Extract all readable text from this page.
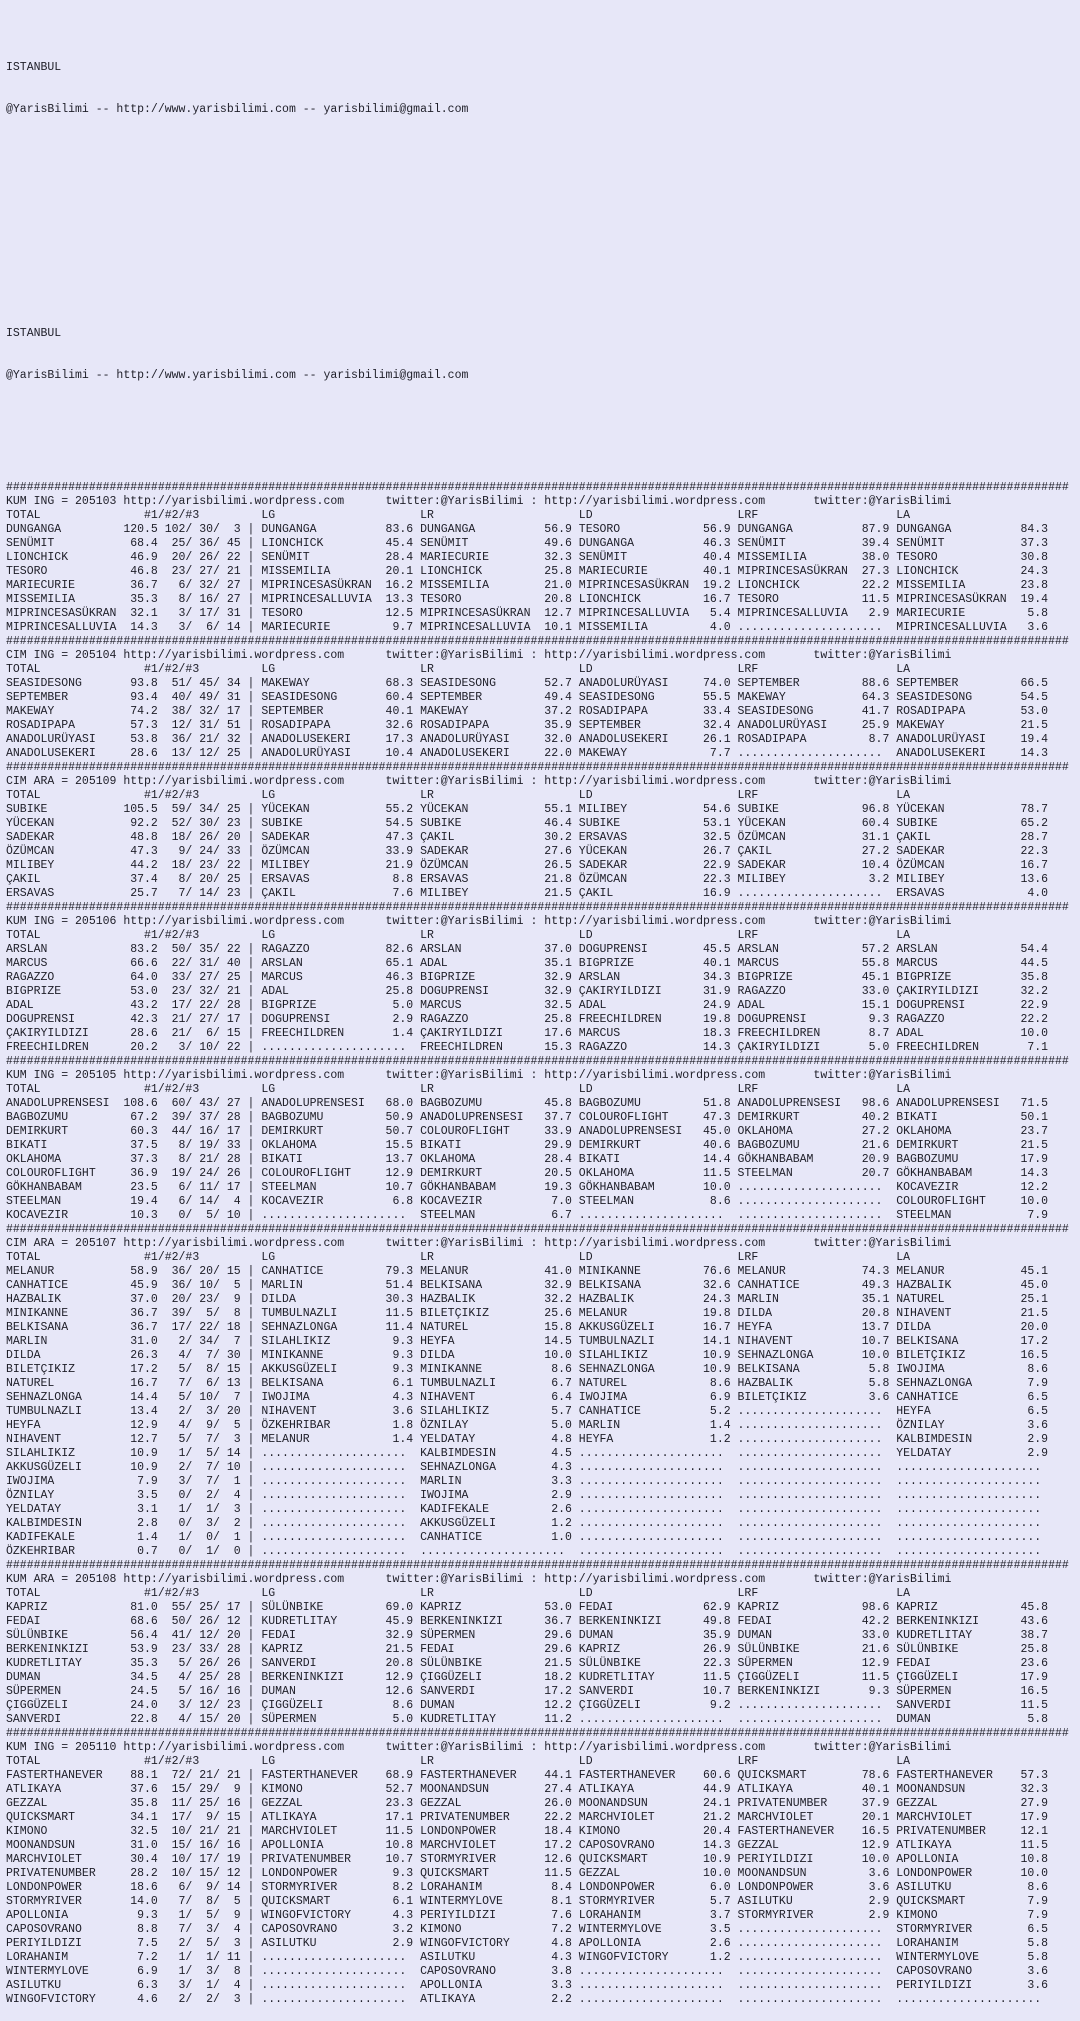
ISTANBUL

@YarisBilimi -- http://www.yarisbilimi.com -- yarisbilimi@gmail.com

ISTANBUL

@YarisBilimi -- http://www.yarisbilimi.com -- yarisbilimi@gmail.com

##########################################################################################################################################################
KUM ING = 205103 http://yarisbilimi.wordpress.com      twitter:@YarisBilimi : http://yarisbilimi.wordpress.com       twitter:@YarisBilimi
TOTAL               #1/#2/#3         LG                     LR                     LD                     LRF                    LA
DUNGANGA         120.5 102/ 30/  3 | DUNGANGA          83.6 DUNGANGA          56.9 TESORO            56.9 DUNGANGA          87.9 DUNGANGA          84.3
SENÜMIT           68.4  25/ 36/ 45 | LIONCHICK         45.4 SENÜMIT           49.6 DUNGANGA          46.3 SENÜMIT           39.4 SENÜMIT           37.3
LIONCHICK         46.9  20/ 26/ 22 | SENÜMIT           28.4 MARIECURIE        32.3 SENÜMIT           40.4 MISSEMILIA        38.0 TESORO            30.8
TESORO            46.8  23/ 27/ 21 | MISSEMILIA        20.1 LIONCHICK         25.8 MARIECURIE        40.1 MIPRINCESASÜKRAN  27.3 LIONCHICK         24.3
MARIECURIE        36.7   6/ 32/ 27 | MIPRINCESASÜKRAN  16.2 MISSEMILIA        21.0 MIPRINCESASÜKRAN  19.2 LIONCHICK         22.2 MISSEMILIA        23.8
MISSEMILIA        35.3   8/ 16/ 27 | MIPRINCESALLUVIA  13.3 TESORO            20.8 LIONCHICK         16.7 TESORO            11.5 MIPRINCESASÜKRAN  19.4
MIPRINCESASÜKRAN  32.1   3/ 17/ 31 | TESORO            12.5 MIPRINCESASÜKRAN  12.7 MIPRINCESALLUVIA   5.4 MIPRINCESALLUVIA   2.9 MARIECURIE         5.8
MIPRINCESALLUVIA  14.3   3/  6/ 14 | MARIECURIE         9.7 MIPRINCESALLUVIA  10.1 MISSEMILIA         4.0 .....................  MIPRINCESALLUVIA   3.6
##########################################################################################################################################################
CIM ING = 205104 http://yarisbilimi.wordpress.com      twitter:@YarisBilimi : http://yarisbilimi.wordpress.com       twitter:@YarisBilimi
TOTAL               #1/#2/#3         LG                     LR                     LD                     LRF                    LA
SEASIDESONG       93.8  51/ 45/ 34 | MAKEWAY           68.3 SEASIDESONG       52.7 ANADOLURÜYASI     74.0 SEPTEMBER         88.6 SEPTEMBER         66.5
SEPTEMBER         93.4  40/ 49/ 31 | SEASIDESONG       60.4 SEPTEMBER         49.4 SEASIDESONG       55.5 MAKEWAY           64.3 SEASIDESONG       54.5
MAKEWAY           74.2  38/ 32/ 17 | SEPTEMBER         40.1 MAKEWAY           37.2 ROSADIPAPA        33.4 SEASIDESONG       41.7 ROSADIPAPA        53.0
ROSADIPAPA        57.3  12/ 31/ 51 | ROSADIPAPA        32.6 ROSADIPAPA        35.9 SEPTEMBER         32.4 ANADOLURÜYASI     25.9 MAKEWAY           21.5
ANADOLURÜYASI     53.8  36/ 21/ 32 | ANADOLUSEKERI     17.3 ANADOLURÜYASI     32.0 ANADOLUSEKERI     26.1 ROSADIPAPA         8.7 ANADOLURÜYASI     19.4
ANADOLUSEKERI     28.6  13/ 12/ 25 | ANADOLURÜYASI     10.4 ANADOLUSEKERI     22.0 MAKEWAY            7.7 .....................  ANADOLUSEKERI     14.3
##########################################################################################################################################################
CIM ARA = 205109 http://yarisbilimi.wordpress.com      twitter:@YarisBilimi : http://yarisbilimi.wordpress.com       twitter:@YarisBilimi
TOTAL               #1/#2/#3         LG                     LR                     LD                     LRF                    LA
SUBIKE           105.5  59/ 34/ 25 | YÜCEKAN           55.2 YÜCEKAN           55.1 MILIBEY           54.6 SUBIKE            96.8 YÜCEKAN           78.7
YÜCEKAN           92.2  52/ 30/ 23 | SUBIKE            54.5 SUBIKE            46.4 SUBIKE            53.1 YÜCEKAN           60.4 SUBIKE            65.2
SADEKAR           48.8  18/ 26/ 20 | SADEKAR           47.3 ÇAKIL             30.2 ERSAVAS           32.5 ÖZÜMCAN           31.1 ÇAKIL             28.7
ÖZÜMCAN           47.3   9/ 24/ 33 | ÖZÜMCAN           33.9 SADEKAR           27.6 YÜCEKAN           26.7 ÇAKIL             27.2 SADEKAR           22.3
MILIBEY           44.2  18/ 23/ 22 | MILIBEY           21.9 ÖZÜMCAN           26.5 SADEKAR           22.9 SADEKAR           10.4 ÖZÜMCAN           16.7
ÇAKIL             37.4   8/ 20/ 25 | ERSAVAS            8.8 ERSAVAS           21.8 ÖZÜMCAN           22.3 MILIBEY            3.2 MILIBEY           13.6
ERSAVAS           25.7   7/ 14/ 23 | ÇAKIL              7.6 MILIBEY           21.5 ÇAKIL             16.9 .....................  ERSAVAS            4.0
##########################################################################################################################################################
KUM ING = 205106 http://yarisbilimi.wordpress.com      twitter:@YarisBilimi : http://yarisbilimi.wordpress.com       twitter:@YarisBilimi
TOTAL               #1/#2/#3         LG                     LR                     LD                     LRF                    LA
ARSLAN            83.2  50/ 35/ 22 | RAGAZZO           82.6 ARSLAN            37.0 DOGUPRENSI        45.5 ARSLAN            57.2 ARSLAN            54.4
MARCUS            66.6  22/ 31/ 40 | ARSLAN            65.1 ADAL              35.1 BIGPRIZE          40.1 MARCUS            55.8 MARCUS            44.5
RAGAZZO           64.0  33/ 27/ 25 | MARCUS            46.3 BIGPRIZE          32.9 ARSLAN            34.3 BIGPRIZE          45.1 BIGPRIZE          35.8
BIGPRIZE          53.0  23/ 32/ 21 | ADAL              25.8 DOGUPRENSI        32.9 ÇAKIRYILDIZI      31.9 RAGAZZO           33.0 ÇAKIRYILDIZI      32.2
ADAL              43.2  17/ 22/ 28 | BIGPRIZE           5.0 MARCUS            32.5 ADAL              24.9 ADAL              15.1 DOGUPRENSI        22.9
DOGUPRENSI        42.3  21/ 27/ 17 | DOGUPRENSI         2.9 RAGAZZO           25.8 FREECHILDREN      19.8 DOGUPRENSI         9.3 RAGAZZO           22.2
ÇAKIRYILDIZI      28.6  21/  6/ 15 | FREECHILDREN       1.4 ÇAKIRYILDIZI      17.6 MARCUS            18.3 FREECHILDREN       8.7 ADAL              10.0
FREECHILDREN      20.2   3/ 10/ 22 | .....................  FREECHILDREN      15.3 RAGAZZO           14.3 ÇAKIRYILDIZI       5.0 FREECHILDREN       7.1
##########################################################################################################################################################
KUM ING = 205105 http://yarisbilimi.wordpress.com      twitter:@YarisBilimi : http://yarisbilimi.wordpress.com       twitter:@YarisBilimi
TOTAL               #1/#2/#3         LG                     LR                     LD                     LRF                    LA
ANADOLUPRENSESI  108.6  60/ 43/ 27 | ANADOLUPRENSESI   68.0 BAGBOZUMU         45.8 BAGBOZUMU         51.8 ANADOLUPRENSESI   98.6 ANADOLUPRENSESI   71.5
BAGBOZUMU         67.2  39/ 37/ 28 | BAGBOZUMU         50.9 ANADOLUPRENSESI   37.7 COLOUROFLIGHT     47.3 DEMIRKURT         40.2 BIKATI            50.1
DEMIRKURT         60.3  44/ 16/ 17 | DEMIRKURT         50.7 COLOUROFLIGHT     33.9 ANADOLUPRENSESI   45.0 OKLAHOMA          27.2 OKLAHOMA          23.7
BIKATI            37.5   8/ 19/ 33 | OKLAHOMA          15.5 BIKATI            29.9 DEMIRKURT         40.6 BAGBOZUMU         21.6 DEMIRKURT         21.5
OKLAHOMA          37.3   8/ 21/ 28 | BIKATI            13.7 OKLAHOMA          28.4 BIKATI            14.4 GÖKHANBABAM       20.9 BAGBOZUMU         17.9
COLOUROFLIGHT     36.9  19/ 24/ 26 | COLOUROFLIGHT     12.9 DEMIRKURT         20.5 OKLAHOMA          11.5 STEELMAN          20.7 GÖKHANBABAM       14.3
GÖKHANBABAM       23.5   6/ 11/ 17 | STEELMAN          10.7 GÖKHANBABAM       19.3 GÖKHANBABAM       10.0 .....................  KOCAVEZIR         12.2
STEELMAN          19.4   6/ 14/  4 | KOCAVEZIR          6.8 KOCAVEZIR          7.0 STEELMAN           8.6 .....................  COLOUROFLIGHT     10.0
KOCAVEZIR         10.3   0/  5/ 10 | .....................  STEELMAN           6.7 .....................  .....................  STEELMAN           7.9
##########################################################################################################################################################
CIM ARA = 205107 http://yarisbilimi.wordpress.com      twitter:@YarisBilimi : http://yarisbilimi.wordpress.com       twitter:@YarisBilimi
TOTAL               #1/#2/#3         LG                     LR                     LD                     LRF                    LA
MELANUR           58.9  36/ 20/ 15 | CANHATICE         79.3 MELANUR           41.0 MINIKANNE         76.6 MELANUR           74.3 MELANUR           45.1
CANHATICE         45.9  36/ 10/  5 | MARLIN            51.4 BELKISANA         32.9 BELKISANA         32.6 CANHATICE         49.3 HAZBALIK          45.0
HAZBALIK          37.0  20/ 23/  9 | DILDA             30.3 HAZBALIK          32.2 HAZBALIK          24.3 MARLIN            35.1 NATUREL           25.1
MINIKANNE         36.7  39/  5/  8 | TUMBULNAZLI       11.5 BILETÇIKIZ        25.6 MELANUR           19.8 DILDA             20.8 NIHAVENT          21.5
BELKISANA         36.7  17/ 22/ 18 | SEHNAZLONGA       11.4 NATUREL           15.8 AKKUSGÜZELI       16.7 HEYFA             13.7 DILDA             20.0
MARLIN            31.0   2/ 34/  7 | SILAHLIKIZ         9.3 HEYFA             14.5 TUMBULNAZLI       14.1 NIHAVENT          10.7 BELKISANA         17.2
DILDA             26.3   4/  7/ 30 | MINIKANNE          9.3 DILDA             10.0 SILAHLIKIZ        10.9 SEHNAZLONGA       10.0 BILETÇIKIZ        16.5
BILETÇIKIZ        17.2   5/  8/ 15 | AKKUSGÜZELI        9.3 MINIKANNE          8.6 SEHNAZLONGA       10.9 BELKISANA          5.8 IWOJIMA            8.6
NATUREL           16.7   7/  6/ 13 | BELKISANA          6.1 TUMBULNAZLI        6.7 NATUREL            8.6 HAZBALIK           5.8 SEHNAZLONGA        7.9
SEHNAZLONGA       14.4   5/ 10/  7 | IWOJIMA            4.3 NIHAVENT           6.4 IWOJIMA            6.9 BILETÇIKIZ         3.6 CANHATICE          6.5
TUMBULNAZLI       13.4   2/  3/ 20 | NIHAVENT           3.6 SILAHLIKIZ         5.7 CANHATICE          5.2 .....................  HEYFA              6.5
HEYFA             12.9   4/  9/  5 | ÖZKEHRIBAR         1.8 ÖZNILAY            5.0 MARLIN             1.4 .....................  ÖZNILAY            3.6
NIHAVENT          12.7   5/  7/  3 | MELANUR            1.4 YELDATAY           4.8 HEYFA              1.2 .....................  KALBIMDESIN        2.9
SILAHLIKIZ        10.9   1/  5/ 14 | .....................  KALBIMDESIN        4.5 .....................  .....................  YELDATAY           2.9
AKKUSGÜZELI       10.9   2/  7/ 10 | .....................  SEHNAZLONGA        4.3 .....................  .....................  .....................
IWOJIMA            7.9   3/  7/  1 | .....................  MARLIN             3.3 .....................  .....................  .....................
ÖZNILAY            3.5   0/  2/  4 | .....................  IWOJIMA            2.9 .....................  .....................  .....................
YELDATAY           3.1   1/  1/  3 | .....................  KADIFEKALE         2.6 .....................  .....................  .....................
KALBIMDESIN        2.8   0/  3/  2 | .....................  AKKUSGÜZELI        1.2 .....................  .....................  .....................
KADIFEKALE         1.4   1/  0/  1 | .....................  CANHATICE          1.0 .....................  .....................  .....................
ÖZKEHRIBAR         0.7   0/  1/  0 | .....................  .....................  .....................  .....................  .....................
##########################################################################################################################################################
KUM ARA = 205108 http://yarisbilimi.wordpress.com      twitter:@YarisBilimi : http://yarisbilimi.wordpress.com       twitter:@YarisBilimi
TOTAL               #1/#2/#3         LG                     LR                     LD                     LRF                    LA
KAPRIZ            81.0  55/ 25/ 17 | SÜLÜNBIKE         69.0 KAPRIZ            53.0 FEDAI             62.9 KAPRIZ            98.6 KAPRIZ            45.8
FEDAI             68.6  50/ 26/ 12 | KUDRETLITAY       45.9 BERKENINKIZI      36.7 BERKENINKIZI      49.8 FEDAI             42.2 BERKENINKIZI      43.6
SÜLÜNBIKE         56.4  41/ 12/ 20 | FEDAI             32.9 SÜPERMEN          29.6 DUMAN             35.9 DUMAN             33.0 KUDRETLITAY       38.7
BERKENINKIZI      53.9  23/ 33/ 28 | KAPRIZ            21.5 FEDAI             29.6 KAPRIZ            26.9 SÜLÜNBIKE         21.6 SÜLÜNBIKE         25.8
KUDRETLITAY       35.3   5/ 26/ 26 | SANVERDI          20.8 SÜLÜNBIKE         21.5 SÜLÜNBIKE         22.3 SÜPERMEN          12.9 FEDAI             23.6
DUMAN             34.5   4/ 25/ 28 | BERKENINKIZI      12.9 ÇIGGÜZELI         18.2 KUDRETLITAY       11.5 ÇIGGÜZELI         11.5 ÇIGGÜZELI         17.9
SÜPERMEN          24.5   5/ 16/ 16 | DUMAN             12.6 SANVERDI          17.2 SANVERDI          10.7 BERKENINKIZI       9.3 SÜPERMEN          16.5
ÇIGGÜZELI         24.0   3/ 12/ 23 | ÇIGGÜZELI          8.6 DUMAN             12.2 ÇIGGÜZELI          9.2 .....................  SANVERDI          11.5
SANVERDI          22.8   4/ 15/ 20 | SÜPERMEN           5.0 KUDRETLITAY       11.2 .....................  .....................  DUMAN              5.8
##########################################################################################################################################################
KUM ING = 205110 http://yarisbilimi.wordpress.com      twitter:@YarisBilimi : http://yarisbilimi.wordpress.com       twitter:@YarisBilimi
TOTAL               #1/#2/#3         LG                     LR                     LD                     LRF                    LA
FASTERTHANEVER    88.1  72/ 21/ 21 | FASTERTHANEVER    68.9 FASTERTHANEVER    44.1 FASTERTHANEVER    60.6 QUICKSMART        78.6 FASTERTHANEVER    57.3
ATLIKAYA          37.6  15/ 29/  9 | KIMONO            52.7 MOONANDSUN        27.4 ATLIKAYA          44.9 ATLIKAYA          40.1 MOONANDSUN        32.3
GEZZAL            35.8  11/ 25/ 16 | GEZZAL            23.3 GEZZAL            26.0 MOONANDSUN        24.1 PRIVATENUMBER     37.9 GEZZAL            27.9
QUICKSMART        34.1  17/  9/ 15 | ATLIKAYA          17.1 PRIVATENUMBER     22.2 MARCHVIOLET       21.2 MARCHVIOLET       20.1 MARCHVIOLET       17.9
KIMONO            32.5  10/ 21/ 21 | MARCHVIOLET       11.5 LONDONPOWER       18.4 KIMONO            20.4 FASTERTHANEVER    16.5 PRIVATENUMBER     12.1
MOONANDSUN        31.0  15/ 16/ 16 | APOLLONIA         10.8 MARCHVIOLET       17.2 CAPOSOVRANO       14.3 GEZZAL            12.9 ATLIKAYA          11.5
MARCHVIOLET       30.4  10/ 17/ 19 | PRIVATENUMBER     10.7 STORMYRIVER       12.6 QUICKSMART        10.9 PERIYILDIZI       10.0 APOLLONIA         10.8
PRIVATENUMBER     28.2  10/ 15/ 12 | LONDONPOWER        9.3 QUICKSMART        11.5 GEZZAL            10.0 MOONANDSUN         3.6 LONDONPOWER       10.0
LONDONPOWER       18.6   6/  9/ 14 | STORMYRIVER        8.2 LORAHANIM          8.4 LONDONPOWER        6.0 LONDONPOWER        3.6 ASILUTKU           8.6
STORMYRIVER       14.0   7/  8/  5 | QUICKSMART         6.1 WINTERMYLOVE       8.1 STORMYRIVER        5.7 ASILUTKU           2.9 QUICKSMART         7.9
APOLLONIA          9.3   1/  5/  9 | WINGOFVICTORY      4.3 PERIYILDIZI        7.6 LORAHANIM          3.7 STORMYRIVER        2.9 KIMONO             7.9
CAPOSOVRANO        8.8   7/  3/  4 | CAPOSOVRANO        3.2 KIMONO             7.2 WINTERMYLOVE       3.5 .....................  STORMYRIVER        6.5
PERIYILDIZI        7.5   2/  5/  3 | ASILUTKU           2.9 WINGOFVICTORY      4.8 APOLLONIA          2.6 .....................  LORAHANIM          5.8
LORAHANIM          7.2   1/  1/ 11 | .....................  ASILUTKU           4.3 WINGOFVICTORY      1.2 .....................  WINTERMYLOVE       5.8
WINTERMYLOVE       6.9   1/  3/  8 | .....................  CAPOSOVRANO        3.8 .....................  .....................  CAPOSOVRANO        3.6
ASILUTKU           6.3   3/  1/  4 | .....................  APOLLONIA          3.3 .....................  .....................  PERIYILDIZI        3.6
WINGOFVICTORY      4.6   2/  2/  3 | .....................  ATLIKAYA           2.2 .....................  .....................  .....................
